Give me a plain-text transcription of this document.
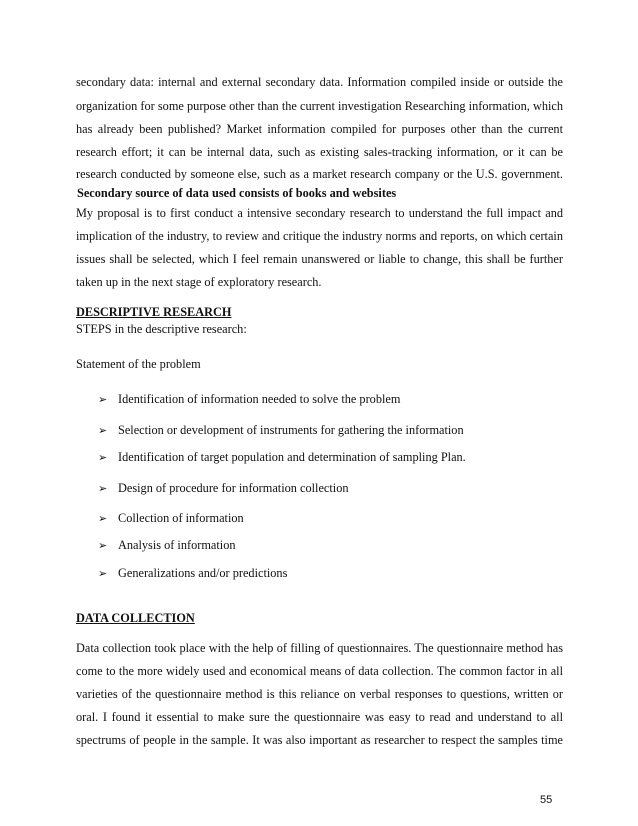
secondary data: internal and external secondary data. Information compiled inside or outside the
organization for some purpose other than the current investigation Researching information, which
has already been published? Market information compiled for purposes other than the current
research effort; it can be internal data, such as existing sales-tracking information, or it can be
research conducted by someone else, such as a market research company or the U.S. government.
Secondary source of data used consists of books and websites
My proposal is to first conduct a intensive secondary research to understand the full impact and
implication of the industry, to review and critique the industry norms and reports, on which certain
issues shall be selected, which I feel remain unanswered or liable to change, this shall be further
taken up in the next stage of exploratory research.
DESCRIPTIVE RESEARCH
STEPS in the descriptive research:
Statement of the problem
➢ Identification of information needed to solve the problem
➢ Selection or development of instruments for gathering the information
➢ Identification of target population and determination of sampling Plan.
➢ Design of procedure for information collection
➢ Collection of information
➢ Analysis of information
➢ Generalizations and/or predictions
DATA COLLECTION
Data collection took place with the help of filling of questionnaires. The questionnaire method has
come to the more widely used and economical means of data collection. The common factor in all
varieties of the questionnaire method is this reliance on verbal responses to questions, written or
oral. I found it essential to make sure the questionnaire was easy to read and understand to all
spectrums of people in the sample. It was also important as researcher to respect the samples time
55
